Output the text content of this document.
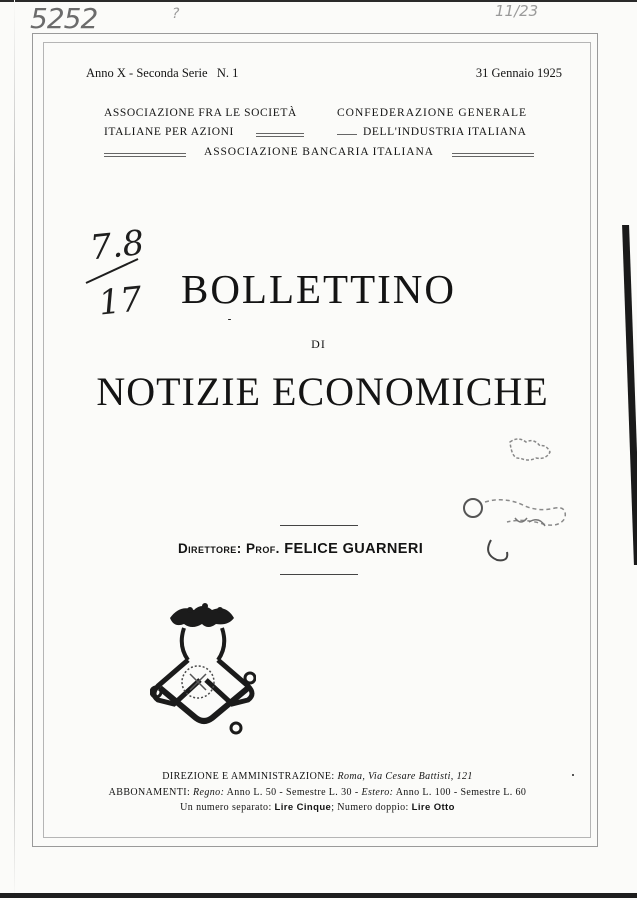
5252	?	11/23
Anno X - Seconda Serie N. 1	31 Gennaio 1925
ASSOCIAZIONE FRA LE SOCIETÀ	CONFEDERAZIONE GENERALE
ITALIANE PER AZIONI	DELL'INDUSTRIA ITALIANA
ASSOCIAZIONE BANCARIA ITALIANA
7.8
17 BOLLETTINO
DI
NOTIZIE ECONOMICHE
Direttore: Prof. FELICE GUARNERI
DIREZIONE E AMMINISTRAZIONE: Roma, Via Cesare Battisti, 121
ABBONAMENTI: Regno: Anno L. 50 - Semestre L. 30 - Estero: Anno L. 100 - Semestre L. 60
Un numero separato: Lire Cinque; Numero doppio: Lire Otto
